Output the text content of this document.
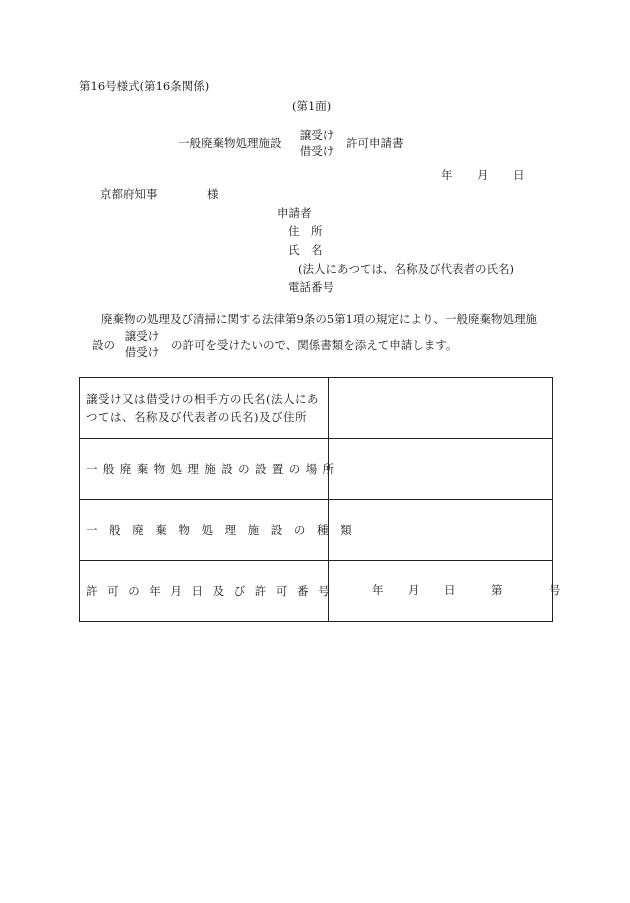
第16号様式(第16条関係)
(第1面)
一般廃棄物処理施設
譲受け
借受け
許可申請書
年 月 日
京都府知事	様
申請者
住　所
氏　名
(法人にあつては、名称及び代表者の氏名)
電話番号
廃棄物の処理及び清掃に関する法律第9条の5第1項の規定により、一般廃棄物処理施
設の
譲受け
借受け の許可を受けたいので、関係書類を添えて申請します。
譲受け又は借受けの相手方の氏名(法人にあつては、名称及び代表者の氏名)及び住所	

一般廃棄物処理施設の設置の場所	

一般廃棄物処理施設の種類	

許可の年月日及び許可番号	年 月 日 第 号
